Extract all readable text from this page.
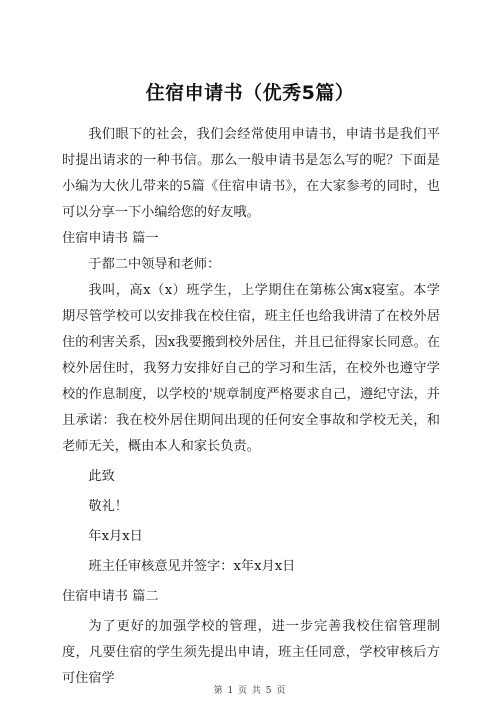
住宿申请书（优秀5篇）

我们眼下的社会，我们会经常使用申请书，申请书是我们平时提出请求的一种书信。那么一般申请书是怎么写的呢？下面是小编为大伙儿带来的5篇《住宿申请书》，在大家参考的同时，也可以分享一下小编给您的好友哦。

住宿申请书 篇一

于都二中领导和老师：

我叫，高x（x）班学生，上学期住在第栋公寓x寝室。本学期尽管学校可以安排我在校住宿，班主任也给我讲清了在校外居住的利害关系，因x我要搬到校外居住，并且已征得家长同意。在校外居住时，我努力安排好自己的学习和生活，在校外也遵守学校的作息制度，以学校的'规章制度严格要求自己，遵纪守法，并且承诺：我在校外居住期间出现的任何安全事故和学校无关，和老师无关，概由本人和家长负责。

此致

敬礼！

年x月x日

班主任审核意见并签字：x年x月x日

住宿申请书 篇二

为了更好的加强学校的管理，进一步完善我校住宿管理制度，凡要住宿的学生须先提出申请，班主任同意，学校审核后方可住宿学

第 1 页 共 5 页
